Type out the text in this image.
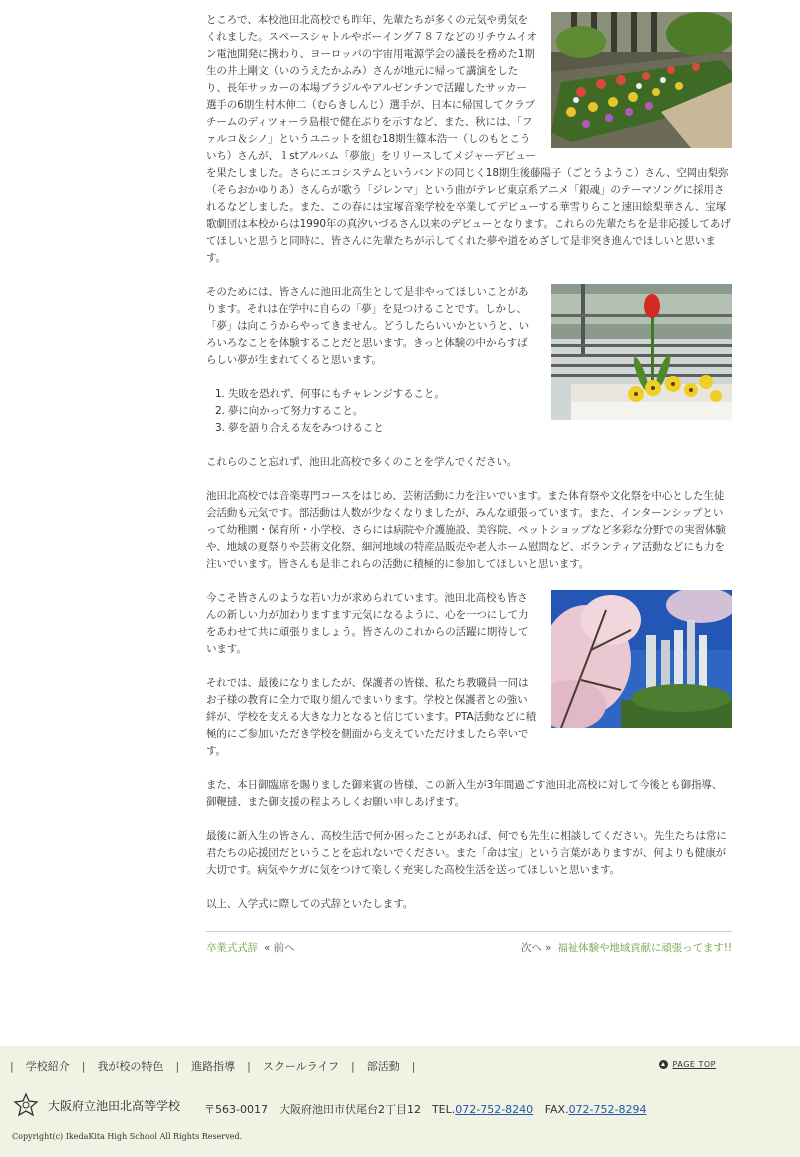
ところで、本校池田北高校でも昨年、先輩たちが多くの元気や勇気をくれました。スペースシャトルやボーイング７８７などのリチウムイオン電池開発に携わり、ヨーロッパの宇宙用電源学会の議長を務めた1期生の井上剛文（いのうえたかふみ）さんが地元に帰って講演をしたり、長年サッカーの本場ブラジルやアルゼンチンで活躍したサッカー選手の6期生村木伸二（むらきしんじ）選手が、日本に帰国してクラブチームのディツォーラ島根で健在ぶりを示すなど、また、秋には、「ファルコ＆シノ」というユニットを組む18期生篠本浩一（しのもとこういち）さんが、１stアルバム「夢旅」をリリースしてメジャーデビューを果たしました。さらにエコシステムというバンドの同じく18期生後藤陽子（ごとうようこ）さん、空岡由梨弥（そらおかゆりあ）さんらが歌う「ジレンマ」という曲がテレビ東京系アニメ「銀魂」のテーマソングに採用されるなどしました。また、この春には宝塚音楽学校を卒業してデビューする華雪りらこと速田絵梨華さん、宝塚歌劇団は本校からは1990年の真汐いづるさん以来のデビューとなります。これらの先輩たちを是非応援してあげてほしいと思うと同時に、皆さんに先輩たちが示してくれた夢や道をめざして是非突き進んでほしいと思います。

そのためには、皆さんに池田北高生として是非やってほしいことがあります。それは在学中に自らの「夢」を見つけることです。しかし、「夢」は向こうからやってきません。どうしたらいいかというと、いろいろなことを体験することだと思います。きっと体験の中からすばらしい夢が生まれてくると思います。

1. 失敗を恐れず、何事にもチャレンジすること。
2. 夢に向かって努力すること。
3. 夢を語り合える友をみつけること

これらのこと忘れず、池田北高校で多くのことを学んでください。

池田北高校では音楽専門コースをはじめ、芸術活動に力を注いでいます。また体育祭や文化祭を中心とした生徒会活動も元気です。部活動は人数が少なくなりましたが、みんな頑張っています。また、インターンシップといって幼稚園・保育所・小学校、さらには病院や介護施設、美容院、ペットショップなど多彩な分野での実習体験や、地域の夏祭りや芸術文化祭、細河地域の特産品販売や老人ホーム慰問など、ボランティア活動などにも力を注いでいます。皆さんも是非これらの活動に積極的に参加してほしいと思います。

今こそ皆さんのような若い力が求められています。池田北高校も皆さんの新しい力が加わりますます元気になるように、心を一つにして力をあわせて共に頑張りましょう。皆さんのこれからの活躍に期待しています。

それでは、最後になりましたが、保護者の皆様、私たち教職員一同はお子様の教育に全力で取り組んでまいります。学校と保護者との強い絆が、学校を支える大きな力となると信じています。PTA活動などに積極的にご参加いただき学校を側面から支えていただけましたら幸いです。

また、本日御臨席を賜りました御来賓の皆様、この新入生が3年間過ごす池田北高校に対して今後とも御指導、御鞭撻、また御支援の程よろしくお願い申しあげます。

最後に新入生の皆さん、高校生活で何か困ったことがあれば、何でも先生に相談してください。先生たちは常に君たちの応援団だということを忘れないでください。また「命は宝」という言葉がありますが、何よりも健康が大切です。病気やケガに気をつけて楽しく充実した高校生活を送ってほしいと思います。

以上、入学式に際しての式辞といたします。

卒業式式辞 « 前へ	次へ » 福祉体験や地域貢献に頑張ってます!!
| 学校紹介 | 我が校の特色 | 進路指導 | スクールライフ | 部活動 |	PAGE TOP
大阪府立池田北高等学校 〒563-0017　大阪府池田市伏尾台2丁目12　TEL.072-752-8240 FAX.072-752-8294
Copyright(c) IkedaKita High School All Rights Reserved.
